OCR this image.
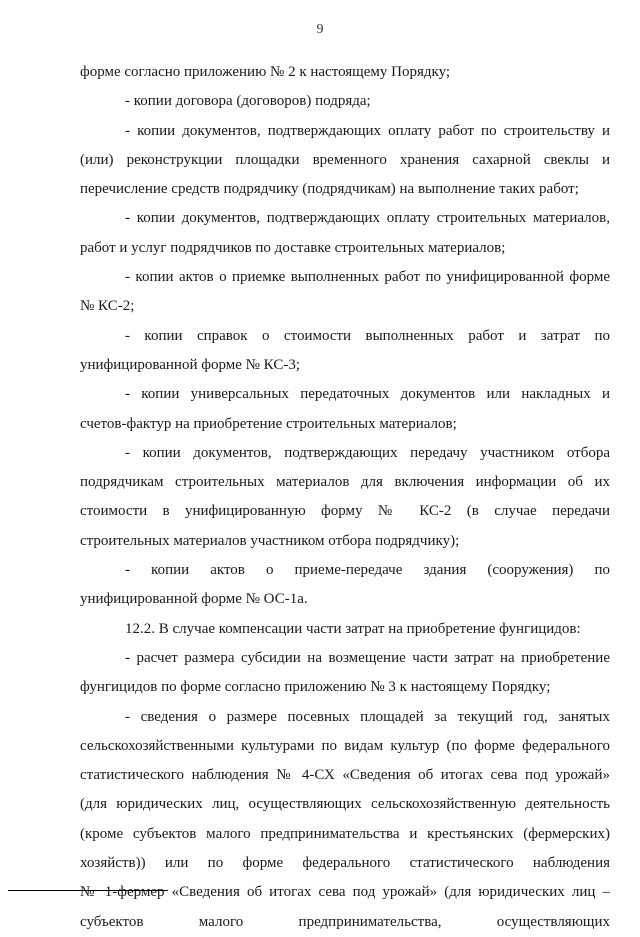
9
форме согласно приложению № 2 к настоящему Порядку;
- копии договора (договоров) подряда;
- копии документов, подтверждающих оплату работ по строительству и
(или) реконструкции площадки временного хранения сахарной свеклы и
перечисление средств подрядчику (подрядчикам) на выполнение таких работ;
- копии документов, подтверждающих оплату строительных материалов,
работ и услуг подрядчиков по доставке строительных материалов;
- копии актов о приемке выполненных работ по унифицированной форме
№ КС-2;
- копии справок о стоимости выполненных работ и затрат по
унифицированной форме № КС-3;
- копии универсальных передаточных документов или накладных и
счетов-фактур на приобретение строительных материалов;
- копии документов, подтверждающих передачу участником отбора
подрядчикам строительных материалов для включения информации об их
стоимости в унифицированную форму № КС-2 (в случае передачи
строительных материалов участником отбора подрядчику);
- копии актов о приеме-передаче здания (сооружения) по
унифицированной форме № ОС-1а.
12.2. В случае компенсации части затрат на приобретение фунгицидов:
- расчет размера субсидии на возмещение части затрат на приобретение
фунгицидов по форме согласно приложению № 3 к настоящему Порядку;
- сведения о размере посевных площадей за текущий год, занятых
сельскохозяйственными культурами по видам культур (по форме федерального
статистического наблюдения № 4-СХ «Сведения об итогах сева под урожай»
(для юридических лиц, осуществляющих сельскохозяйственную деятельность
(кроме субъектов малого предпринимательства и крестьянских (фермерских)
хозяйств)) или по форме федерального статистического наблюдения
№ 1-фермер «Сведения об итогах сева под урожай» (для юридических лиц –
субъектов малого предпринимательства, осуществляющих
